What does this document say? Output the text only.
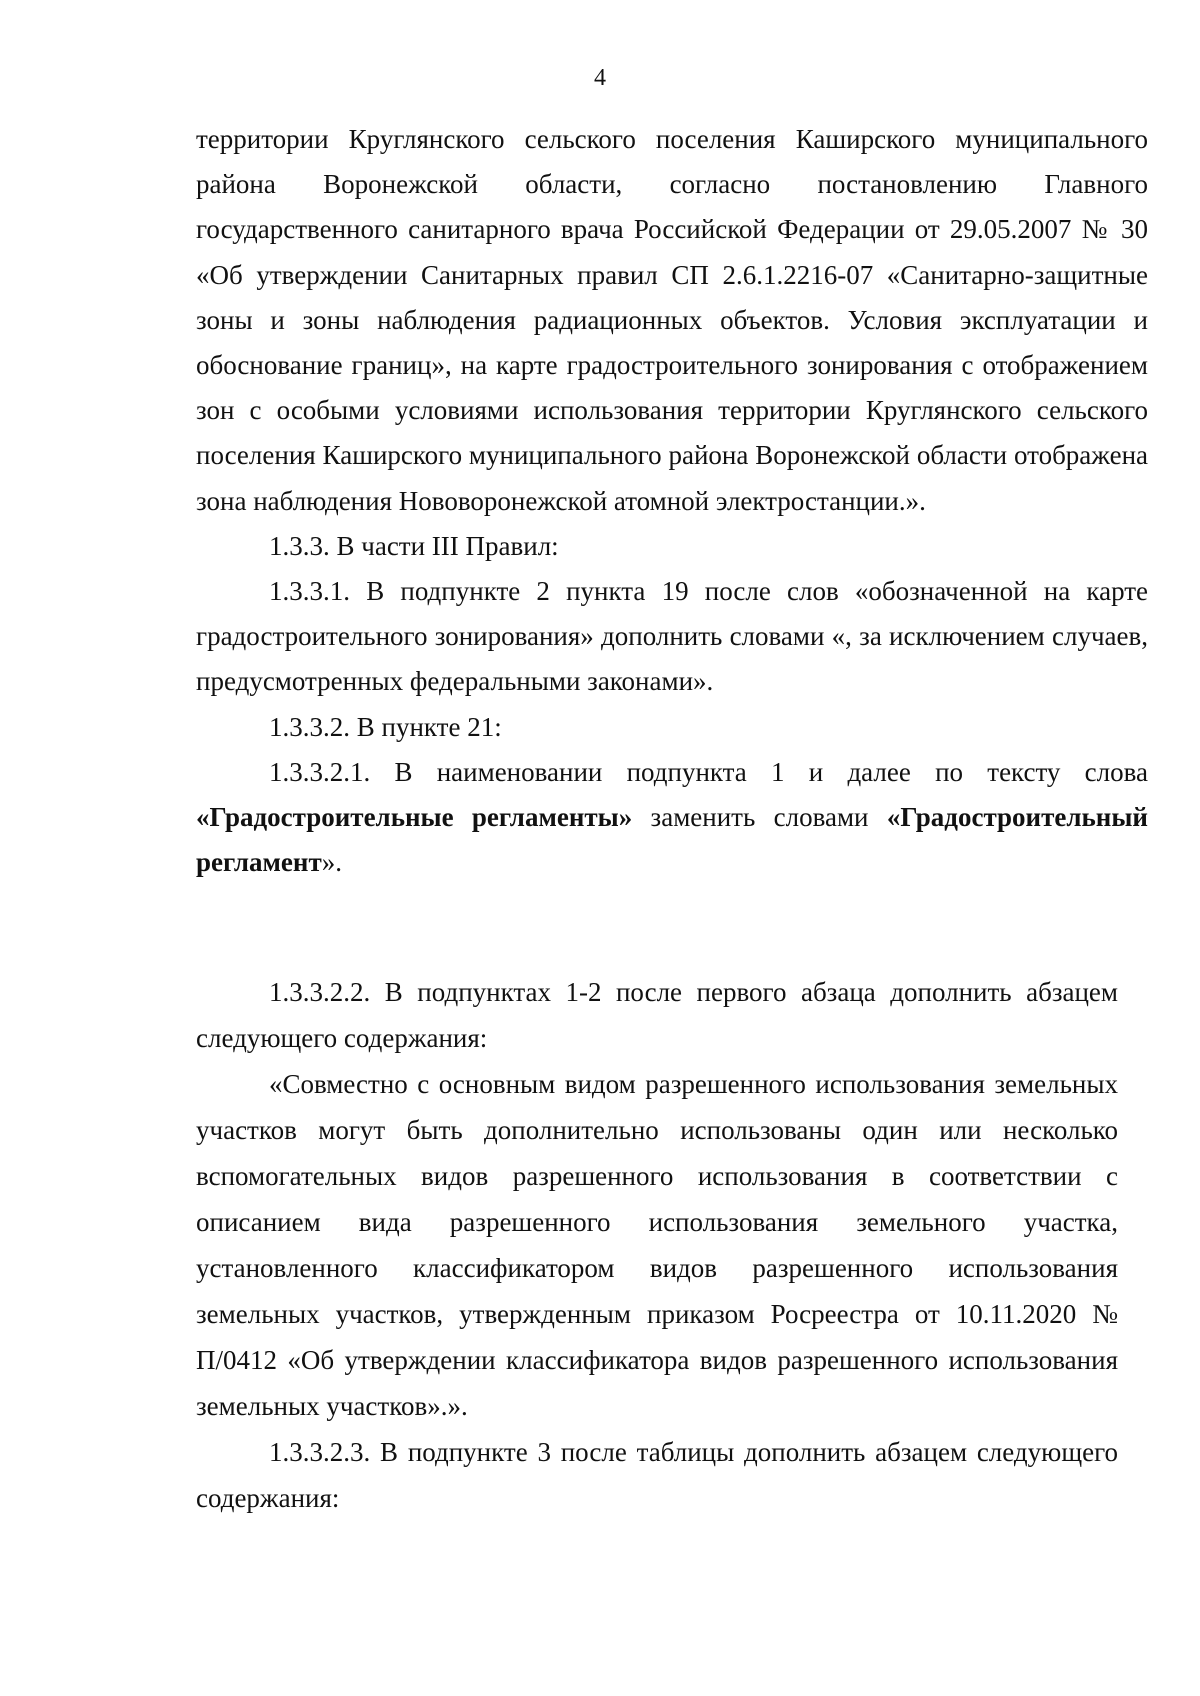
4

территории Круглянского сельского поселения Каширского муниципального района Воронежской области, согласно постановлению Главного государственного санитарного врача Российской Федерации от 29.05.2007 № 30 «Об утверждении Санитарных правил СП 2.6.1.2216-07 «Санитарно-защитные зоны и зоны наблюдения радиационных объектов. Условия эксплуатации и обоснование границ», на карте градостроительного зонирования с отображением зон с особыми условиями использования территории Круглянского сельского поселения Каширского муниципального района Воронежской области отображена зона наблюдения Нововоронежской атомной электростанции.».

1.3.3. В части III Правил:

1.3.3.1. В подпункте 2 пункта 19 после слов «обозначенной на карте градостроительного зонирования» дополнить словами «, за исключением случаев, предусмотренных федеральными законами».

1.3.3.2. В пункте 21:

1.3.3.2.1. В наименовании подпункта 1 и далее по тексту слова «Градостроительные регламенты» заменить словами «Градостроительный регламент».

1.3.3.2.2. В подпунктах 1-2 после первого абзаца дополнить абзацем следующего содержания:

«Совместно с основным видом разрешенного использования земельных участков могут быть дополнительно использованы один или несколько вспомогательных видов разрешенного использования в соответствии с описанием вида разрешенного использования земельного участка, установленного классификатором видов разрешенного использования земельных участков, утвержденным приказом Росреестра от 10.11.2020 № П/0412 «Об утверждении классификатора видов разрешенного использования земельных участков».».

1.3.3.2.3. В подпункте 3 после таблицы дополнить абзацем следующего содержания:
